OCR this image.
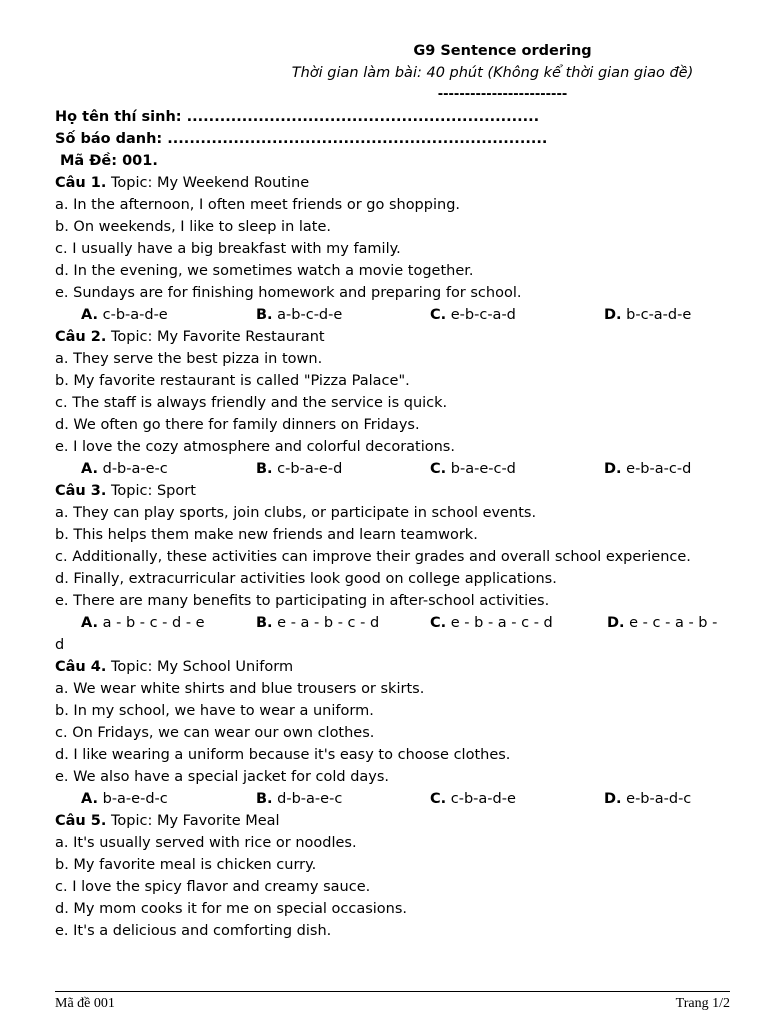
G9 Sentence ordering
Thời gian làm bài: 40 phút (Không kể thời gian giao đề)
------------------------
Họ tên thí sinh: ................................................................
Số báo danh: .....................................................................
Mã Đề: 001.
Câu 1. Topic: My Weekend Routine
a. In the afternoon, I often meet friends or go shopping.
b. On weekends, I like to sleep in late.
c. I usually have a big breakfast with my family.
d. In the evening, we sometimes watch a movie together.
e. Sundays are for finishing homework and preparing for school.
A. c-b-a-d-e	B. a-b-c-d-e	C. e-b-c-a-d	D. b-c-a-d-e
Câu 2. Topic: My Favorite Restaurant
a. They serve the best pizza in town.
b. My favorite restaurant is called "Pizza Palace".
c. The staff is always friendly and the service is quick.
d. We often go there for family dinners on Fridays.
e. I love the cozy atmosphere and colorful decorations.
A. d-b-a-e-c	B. c-b-a-e-d	C. b-a-e-c-d	D. e-b-a-c-d
Câu 3. Topic: Sport
a. They can play sports, join clubs, or participate in school events.
b. This helps them make new friends and learn teamwork.
c. Additionally, these activities can improve their grades and overall school experience.
d. Finally, extracurricular activities look good on college applications.
e. There are many benefits to participating in after-school activities.
A. a - b - c - d - e	B. e - a - b - c - d	C. e - b - a - c - d	D. e - c - a - b -
d
Câu 4. Topic: My School Uniform
a. We wear white shirts and blue trousers or skirts.
b. In my school, we have to wear a uniform.
c. On Fridays, we can wear our own clothes.
d. I like wearing a uniform because it's easy to choose clothes.
e. We also have a special jacket for cold days.
A. b-a-e-d-c	B. d-b-a-e-c	C. c-b-a-d-e	D. e-b-a-d-c
Câu 5. Topic: My Favorite Meal
a. It's usually served with rice or noodles.
b. My favorite meal is chicken curry.
c. I love the spicy flavor and creamy sauce.
d. My mom cooks it for me on special occasions.
e. It's a delicious and comforting dish.
Mã đề 001	Trang 1/2
